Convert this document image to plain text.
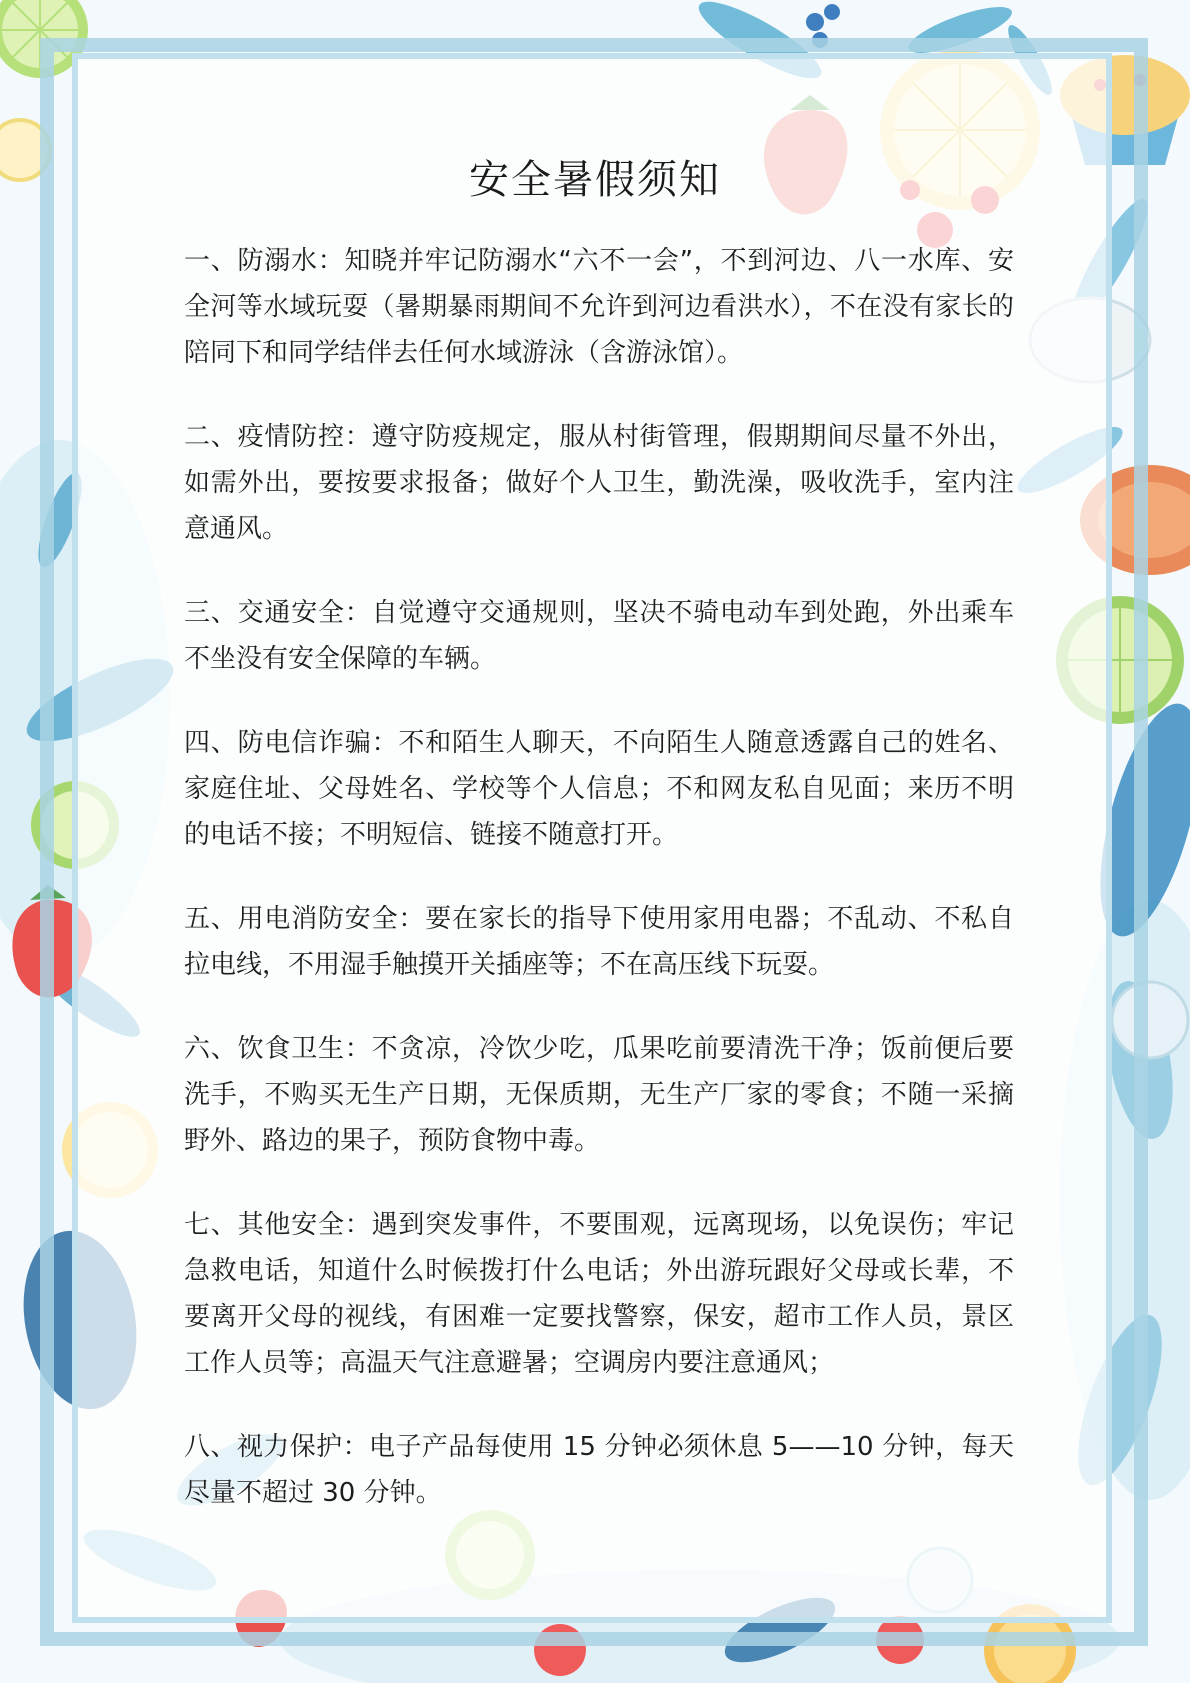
安全暑假须知

一、防溺水：知晓并牢记防溺水“六不一会”，不到河边、八一水库、安全河等水域玩耍（暑期暴雨期间不允许到河边看洪水），不在没有家长的陪同下和同学结伴去任何水域游泳（含游泳馆）。

二、疫情防控：遵守防疫规定，服从村街管理，假期期间尽量不外出，如需外出，要按要求报备；做好个人卫生，勤洗澡，吸收洗手，室内注意通风。

三、交通安全：自觉遵守交通规则，坚决不骑电动车到处跑，外出乘车不坐没有安全保障的车辆。

四、防电信诈骗：不和陌生人聊天，不向陌生人随意透露自己的姓名、家庭住址、父母姓名、学校等个人信息；不和网友私自见面；来历不明的电话不接；不明短信、链接不随意打开。

五、用电消防安全：要在家长的指导下使用家用电器；不乱动、不私自拉电线，不用湿手触摸开关插座等；不在高压线下玩耍。

六、饮食卫生：不贪凉，冷饮少吃，瓜果吃前要清洗干净；饭前便后要洗手，不购买无生产日期，无保质期，无生产厂家的零食；不随一采摘野外、路边的果子，预防食物中毒。

七、其他安全：遇到突发事件，不要围观，远离现场，以免误伤；牢记急救电话，知道什么时候拨打什么电话；外出游玩跟好父母或长辈，不要离开父母的视线，有困难一定要找警察，保安，超市工作人员，景区工作人员等；高温天气注意避暑；空调房内要注意通风；

八、视力保护：电子产品每使用 15 分钟必须休息 5——10 分钟，每天尽量不超过 30 分钟。
